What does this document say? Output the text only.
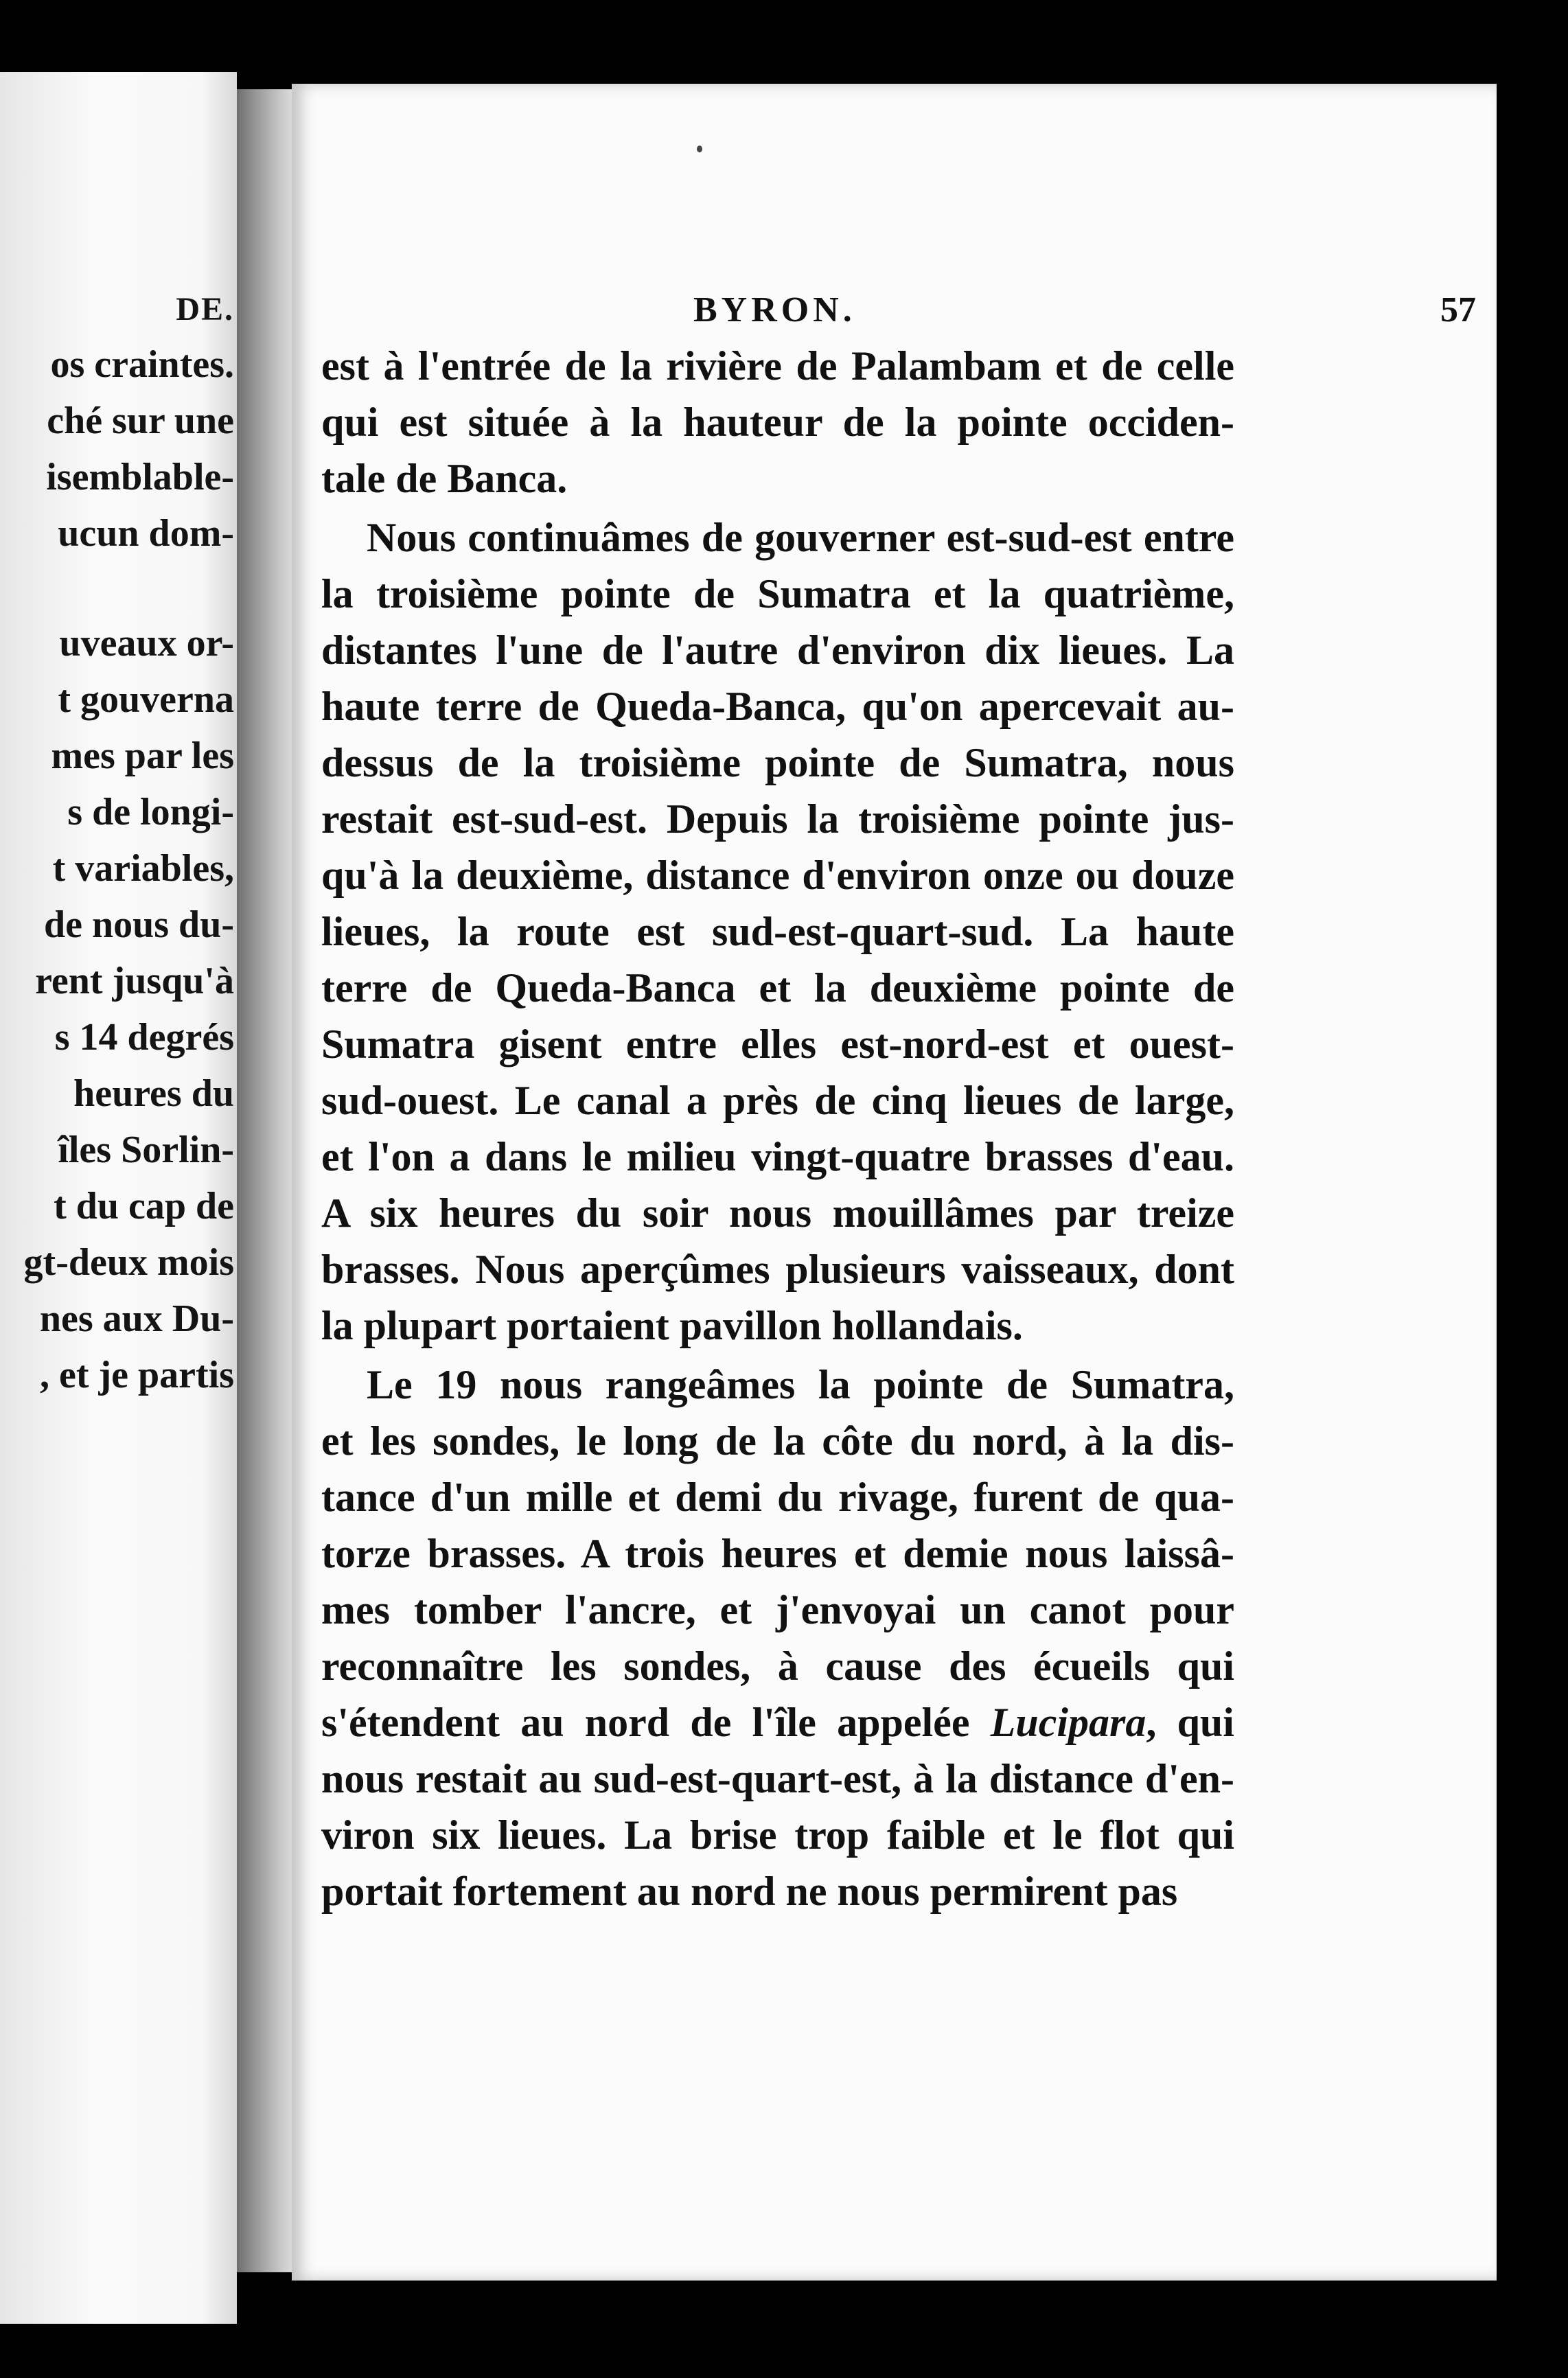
DE.
os craintes.
ché sur une
isemblable-
ucun dom-
uveaux or-
t gouverna
mes par les
s de longi-
t variables,
de nous du-
rent jusqu'à
s 14 degrés
heures du
îles Sorlin-
t du cap de
gt-deux mois
nes aux Du-
, et je partis
BYRON.	57
est à l'entrée de la rivière de Palambam et de celle
qui est située à la hauteur de la pointe occiden-
tale de Banca.
Nous continuâmes de gouverner est-sud-est entre
la troisième pointe de Sumatra et la quatrième,
distantes l'une de l'autre d'environ dix lieues. La
haute terre de Queda-Banca, qu'on apercevait au-
dessus de la troisième pointe de Sumatra, nous
restait est-sud-est. Depuis la troisième pointe jus-
qu'à la deuxième, distance d'environ onze ou douze
lieues, la route est sud-est-quart-sud. La haute
terre de Queda-Banca et la deuxième pointe de
Sumatra gisent entre elles est-nord-est et ouest-
sud-ouest. Le canal a près de cinq lieues de large,
et l'on a dans le milieu vingt-quatre brasses d'eau.
A six heures du soir nous mouillâmes par treize
brasses. Nous aperçûmes plusieurs vaisseaux, dont
la plupart portaient pavillon hollandais.
Le 19 nous rangeâmes la pointe de Sumatra,
et les sondes, le long de la côte du nord, à la dis-
tance d'un mille et demi du rivage, furent de qua-
torze brasses. A trois heures et demie nous laissâ-
mes tomber l'ancre, et j'envoyai un canot pour
reconnaître les sondes, à cause des écueils qui
s'étendent au nord de l'île appelée Lucipara, qui
nous restait au sud-est-quart-est, à la distance d'en-
viron six lieues. La brise trop faible et le flot qui
portait fortement au nord ne nous permirent pas
